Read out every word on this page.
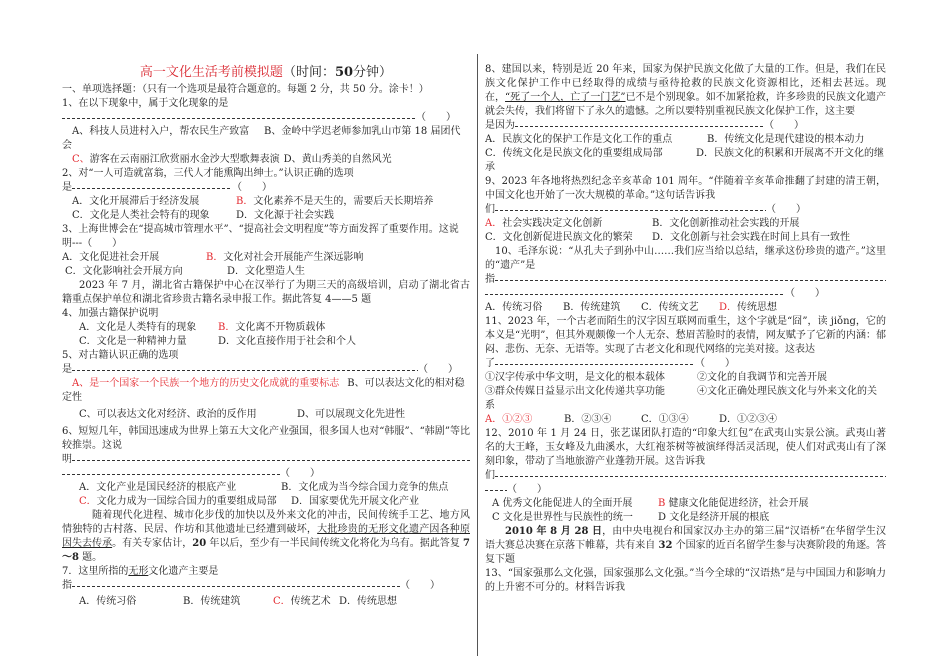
高一文化生活考前模拟题（时间：50分钟）
一、单项选择题：（只有一个选项是最符合题意的。每题 2 分，共 50 分。涂卡！）
1、在以下现象中，属于文化现象的是
（　　）
A、科技人员进村入户，帮农民生产致富 B、金岭中学迟老师参加乳山市第 18 届团代会
C、游客在云南丽江欣赏丽水金沙大型歌舞表演 D、黄山秀美的自然风光
2、对“一人可造就富翁，三代人才能熏陶出绅士。”认识正确的选项
是	（　　）
A．文化开展滞后于经济发展	B．文化素养不是天生的，需要后天长期培养
C．文化是人类社会特有的现象	D．文化源于社会实践
3、上海世博会在“提高城市管理水平”、“提高社会文明程度”等方面发挥了重要作用。这说明---（　　）
A．文化促进社会开展	B．文化对社会开展能产生深远影响
C．文化影响社会开展方向	D．文化塑造人生
2023 年 7 月，湖北省古籍保护中心在汉举行了为期三天的高级培训，启动了湖北省古籍重点保护单位和湖北省珍贵古籍名录申报工作。据此答复 4——5 题
4、加强古籍保护说明
A．文化是人类特有的现象 B．文化离不开物质载体
C．文化是一种精神力量	D．文化直接作用于社会和个人
5、对古籍认识正确的选项
是	（　　）
A、是一个国家一个民族一个地方的历史文化成就的重要标志 B、可以表达文化的相对稳定性
C、可以表达文化对经济、政治的反作用	D、可以展现文化先进性
6、短短几年，韩国迅速成为世界上第五大文化产业强国，很多国人也对“韩服”、“韩剧”等比较推崇。这说
明
（　　）
A．文化产业是国民经济的根底产业	B．文化成为当今综合国力竞争的焦点
C．文化力成为一国综合国力的重要组成局部 D．国家要优先开展文化产业
随着现代化进程、城市化步伐的加快以及外来文化的冲击，民间传统手工艺、地方风情独特的古村落、民居、作坊和其他遗址已经遭到破坏，大批珍贵的无形文化遗产因各种原因失去传承。有关专家估计，20 年以后，至少有一半民间传统文化将化为乌有。据此答复 7～8 题。
7．这里所指的无形文化遗产主要是
指	（　　）
A．传统习俗	B．传统建筑	C．传统艺术 D．传统思想
8、建国以来，特别是近 20 年来，国家为保护民族文化做了大量的工作。但是，我们在民族文化保护工作中已经取得的成绩与亟待抢救的民族文化资源相比，还相去甚远。现在，“死了一个人，亡了一门艺”已不是个别现象。如不加紧抢救，许多珍贵的民族文化遗产就会失传，我们将留下了永久的遗憾。之所以要特别重视民族文化保护工作，这主要
是因为	（　　）
A．民族文化的保护工作是文化工作的重点	B．传统文化是现代建设的根本动力
C．传统文化是民族文化的重要组成局部	D．民族文化的积累和开展离不开文化的继承
9、2023 年各地将热烈纪念辛亥革命 101 周年。“伴随着辛亥革命推翻了封建的清王朝，中国文化也开始了一次大规模的革命。”这句话告诉我
们	（　　）
A．社会实践决定文化创新	B．文化创新推动社会实践的开展
C．文化创新促进民族文化的繁荣 D．文化创新与社会实践在时间上具有一致性
10、毛泽东说：“从孔夫子到孙中山……我们应当给以总结，继承这份珍贵的遗产。”这里的“遗产”是
指
（　　）
A．传统习俗 B．传统建筑 C．传统文艺 D．传统思想
11、2023 年，一个古老而陌生的汉字因互联网而重生，这个字就是“囧”，读 jiǒng，它的本义是“光明”，但其外观颇像一个人无奈、愁眉苦脸时的表情，网友赋予了它新的内涵：郁闷、悲伤、无奈、无语等。实现了古老文化和现代网络的完美对接。这表达
了	（　　）
①汉字传承中华文明，是文化的根本载体	②文化的自我调节和完善开展
③群众传媒日益显示出文化传递共享功能	④文化正确处理民族文化与外来文化的关系
A．①②③	B．②③④	C．①③④	D．①②③④
12、2010 年 1 月 24 日，张艺谋团队打造的“印象大红包”在武夷山实景公演。武夷山著名的大王峰，玉女峰及九曲溪水，大红袍茶树等被演绎得活灵活现，使人们对武夷山有了深刻印象，带动了当地旅游产业蓬勃开展。这告诉我
们
（　　）
A 优秀文化能促进人的全面开展	B 健康文化能促进经济，社会开展
C 文化是世界性与民族性的统一	D 文化是经济开展的根底
2010 年 8 月 28 日，由中央电视台和国家汉办主办的第三届“汉语桥”在华留学生汉语大赛总决赛在京落下帷幕，共有来自 32 个国家的近百名留学生参与决赛阶段的角逐。答复下题
13、“国家强那么文化强，国家强那么文化强。”当今全球的“汉语热”是与中国国力和影响力的上升密不可分的。材料告诉我
